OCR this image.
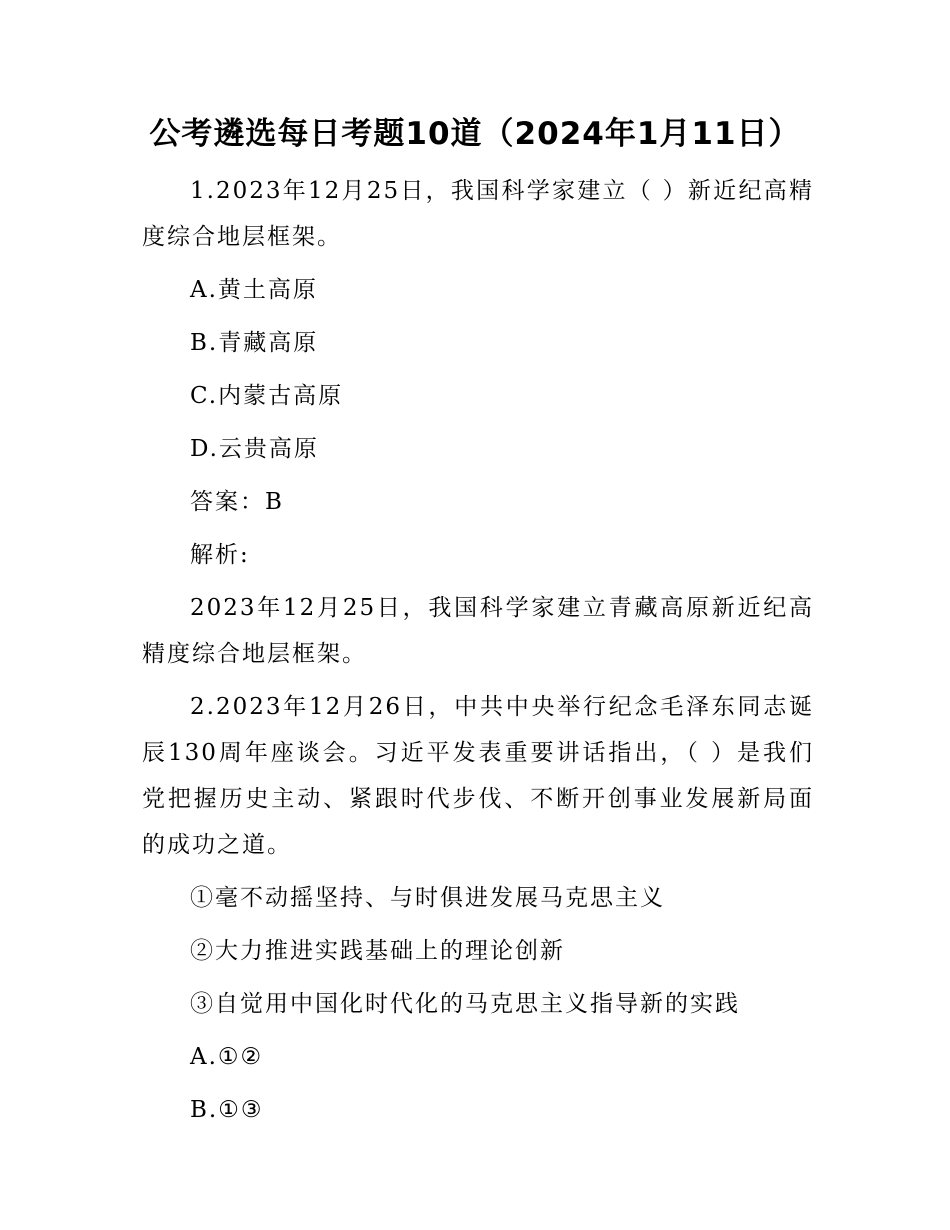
公考遴选每日考题10道（2024年1月11日）

1.2023年12月25日，我国科学家建立（ ）新近纪高精度综合地层框架。

A.黄土高原

B.青藏高原

C.内蒙古高原

D.云贵高原

答案：B

解析:

2023年12月25日，我国科学家建立青藏高原新近纪高精度综合地层框架。

2.2023年12月26日，中共中央举行纪念毛泽东同志诞辰130周年座谈会。习近平发表重要讲话指出，（ ）是我们党把握历史主动、紧跟时代步伐、不断开创事业发展新局面的成功之道。

①毫不动摇坚持、与时俱进发展马克思主义

②大力推进实践基础上的理论创新

③自觉用中国化时代化的马克思主义指导新的实践

A.①②

B.①③
